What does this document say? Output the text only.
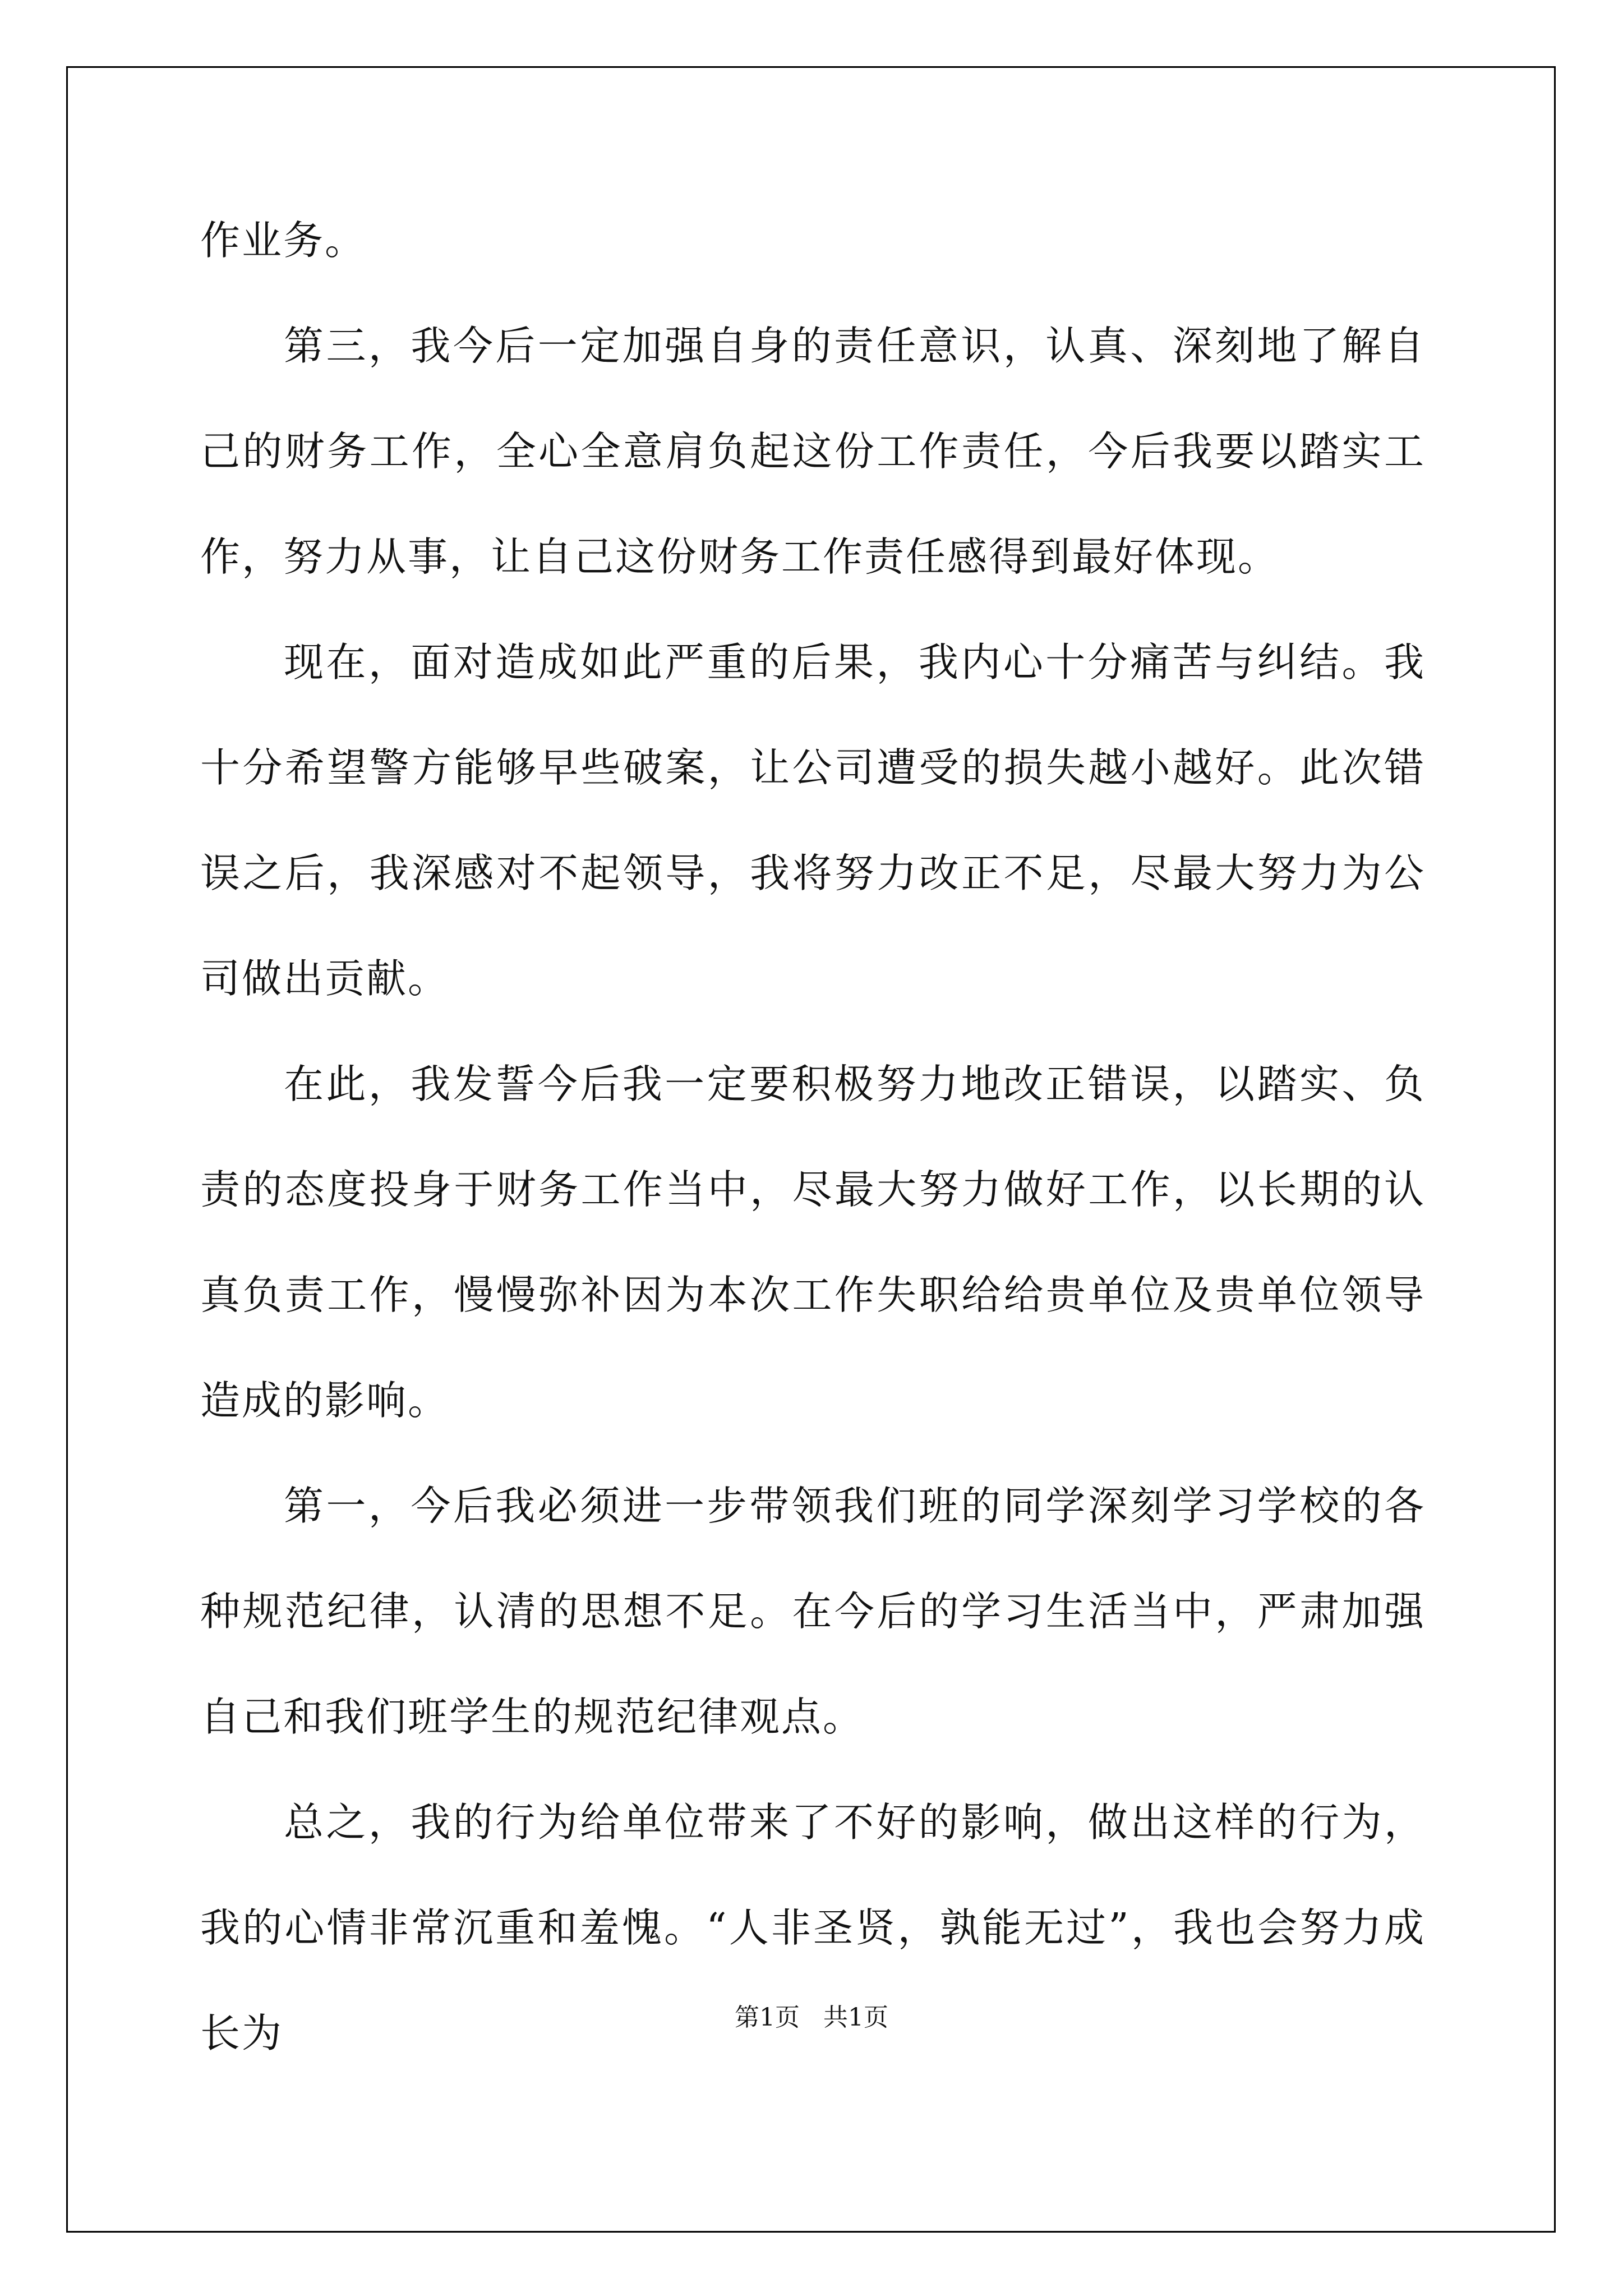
作业务。

第三，我今后一定加强自身的责任意识，认真、深刻地了解自己的财务工作，全心全意肩负起这份工作责任，今后我要以踏实工作，努力从事，让自己这份财务工作责任感得到最好体现。

现在，面对造成如此严重的后果，我内心十分痛苦与纠结。我十分希望警方能够早些破案，让公司遭受的损失越小越好。此次错误之后，我深感对不起领导，我将努力改正不足，尽最大努力为公司做出贡献。

在此，我发誓今后我一定要积极努力地改正错误，以踏实、负责的态度投身于财务工作当中，尽最大努力做好工作，以长期的认真负责工作，慢慢弥补因为本次工作失职给给贵单位及贵单位领导造成的影响。

第一，今后我必须进一步带领我们班的同学深刻学习学校的各种规范纪律，认清的思想不足。在今后的学习生活当中，严肃加强自己和我们班学生的规范纪律观点。

总之，我的行为给单位带来了不好的影响，做出这样的行为，我的心情非常沉重和羞愧。“人非圣贤，孰能无过”，我也会努力成长为	第1页   共1页
